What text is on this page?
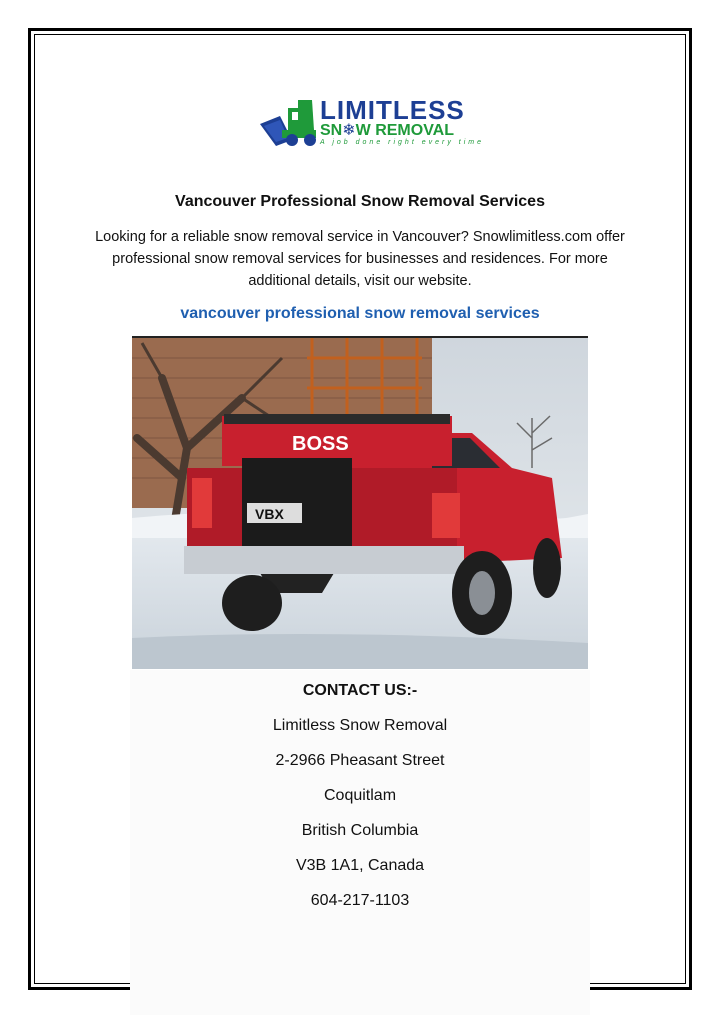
LIMITLESS
SN❄W REMOVAL
A job done right every time
Vancouver Professional Snow Removal Services
Looking for a reliable snow removal service in Vancouver? Snowlimitless.com offer professional snow removal services for businesses and residences. For more additional details, visit our website.
vancouver professional snow removal services
BOSS
VBX
CONTACT US:-
Limitless Snow Removal
2-2966 Pheasant Street
Coquitlam
British Columbia
V3B 1A1, Canada
604-217-1103
